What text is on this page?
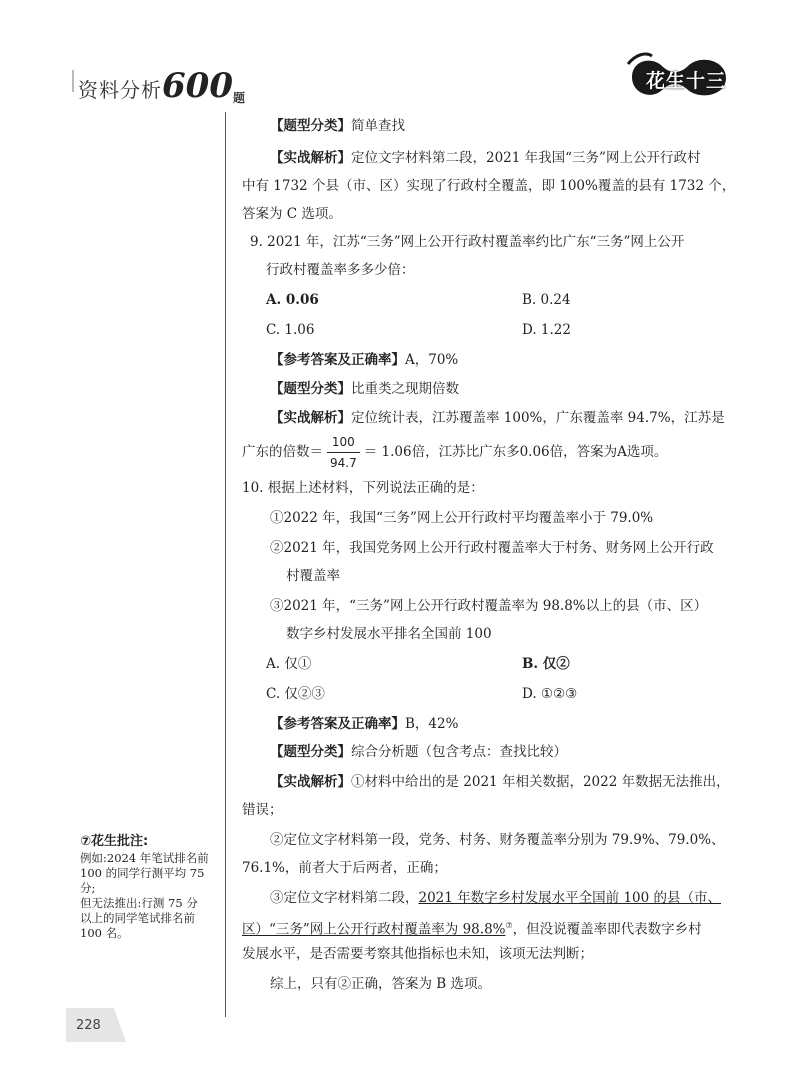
资料分析600题
花生十三
【题型分类】简单查找
【实战解析】定位文字材料第二段，2021 年我国“三务”网上公开行政村
中有 1732 个县（市、区）实现了行政村全覆盖，即 100%覆盖的县有 1732 个，
答案为 C 选项。
9. 2021 年，江苏“三务”网上公开行政村覆盖率约比广东“三务”网上公开
行政村覆盖率多多少倍：
A. 0.06	B. 0.24
C. 1.06	D. 1.22
【参考答案及正确率】A，70%
【题型分类】比重类之现期倍数
【实战解析】定位统计表，江苏覆盖率 100%，广东覆盖率 94.7%，江苏是
广东的倍数＝ $\frac{100}{94.7} = 1.06$倍，江苏比广东多0.06倍，答案为A选项。
10. 根据上述材料，下列说法正确的是：
①2022 年，我国“三务”网上公开行政村平均覆盖率小于 79.0%
②2021 年，我国党务网上公开行政村覆盖率大于村务、财务网上公开行政
村覆盖率
③2021 年，“三务”网上公开行政村覆盖率为 98.8%以上的县（市、区）
数字乡村发展水平排名全国前 100
A. 仅①	B. 仅②
C. 仅②③	D. ①②③
【参考答案及正确率】B，42%
【题型分类】综合分析题（包含考点：查找比较）
【实战解析】①材料中给出的是 2021 年相关数据，2022 年数据无法推出，
错误；
②定位文字材料第一段，党务、村务、财务覆盖率分别为 79.9%、79.0%、
76.1%，前者大于后两者，正确；
③定位文字材料第二段，2021 年数字乡村发展水平全国前 100 的县（市、
区）“三务”网上公开行政村覆盖率为 98.8%⑦，但没说覆盖率即代表数字乡村
发展水平，是否需要考察其他指标也未知，该项无法判断；
综上，只有②正确，答案为 B 选项。
⑦花生批注:
例如:2024 年笔试排名前
100 的同学行测平均 75
分;
但无法推出:行测 75 分
以上的同学笔试排名前
100 名。
228
